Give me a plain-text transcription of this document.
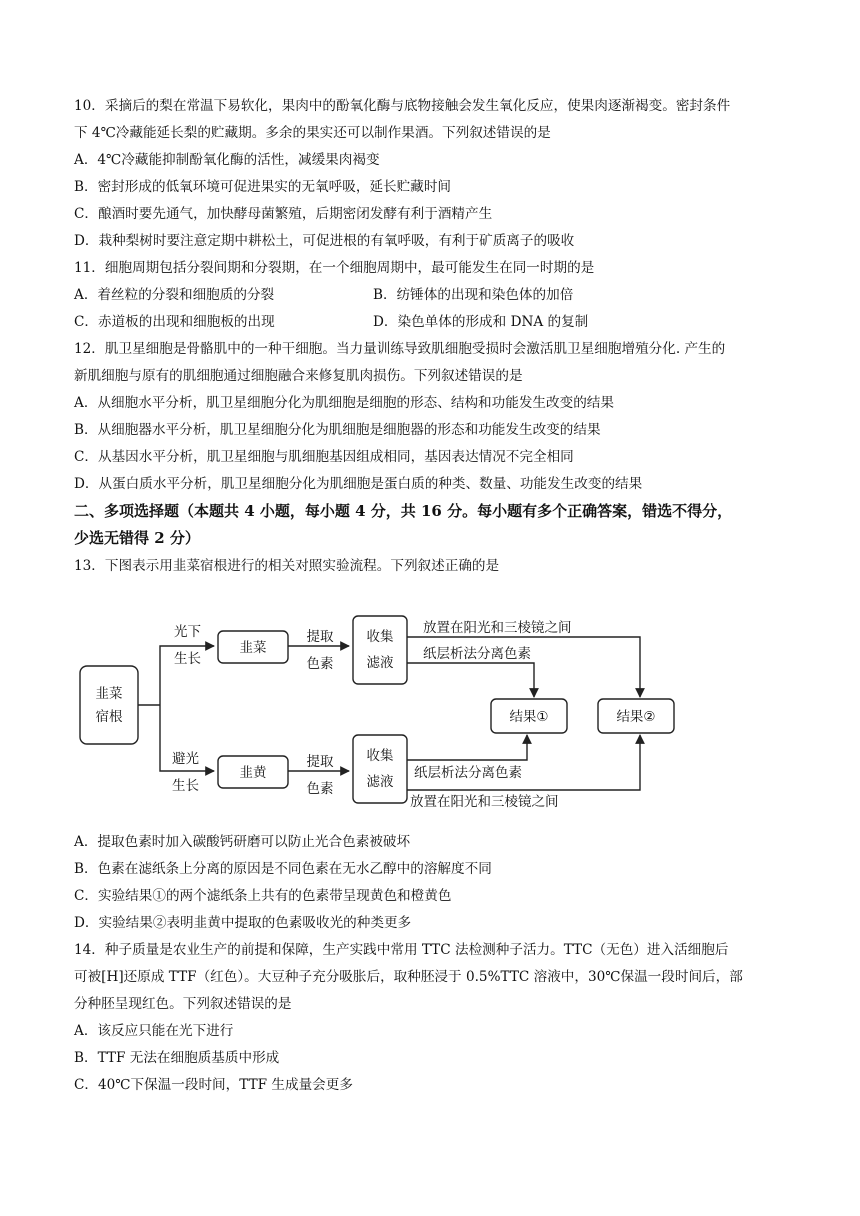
10．采摘后的梨在常温下易软化，果肉中的酚氧化酶与底物接触会发生氧化反应，使果肉逐渐褐变。密封条件
下 4℃冷藏能延长梨的贮藏期。多余的果实还可以制作果酒。下列叙述错误的是
A．4℃冷藏能抑制酚氧化酶的活性，减缓果肉褐变
B．密封形成的低氧环境可促进果实的无氧呼吸，延长贮藏时间
C．酿酒时要先通气，加快酵母菌繁殖，后期密闭发酵有利于酒精产生
D．栽种梨树时要注意定期中耕松土，可促进根的有氧呼吸，有利于矿质离子的吸收
11．细胞周期包括分裂间期和分裂期，在一个细胞周期中，最可能发生在同一时期的是
A．着丝粒的分裂和细胞质的分裂	B．纺锤体的出现和染色体的加倍
C．赤道板的出现和细胞板的出现	D．染色单体的形成和 DNA 的复制
12．肌卫星细胞是骨骼肌中的一种干细胞。当力量训练导致肌细胞受损时会激活肌卫星细胞增殖分化. 产生的
新肌细胞与原有的肌细胞通过细胞融合来修复肌肉损伤。下列叙述错误的是
A．从细胞水平分析，肌卫星细胞分化为肌细胞是细胞的形态、结构和功能发生改变的结果
B．从细胞器水平分析，肌卫星细胞分化为肌细胞是细胞器的形态和功能发生改变的结果
C．从基因水平分析，肌卫星细胞与肌细胞基因组成相同，基因表达情况不完全相同
D．从蛋白质水平分析，肌卫星细胞分化为肌细胞是蛋白质的种类、数量、功能发生改变的结果
二、多项选择题（本题共 4 小题，每小题 4 分，共 16 分。每小题有多个正确答案，错选不得分，
少选无错得 2 分）
13．下图表示用韭菜宿根进行的相关对照实验流程。下列叙述正确的是
韭菜
宿根
光下
生长
避光
生长
韭菜
韭黄
提取
色素
提取
色素
收集
滤液
收集
滤液
放置在阳光和三棱镜之间
纸层析法分离色素
纸层析法分离色素
放置在阳光和三棱镜之间
结果①	结果②
A．提取色素时加入碳酸钙研磨可以防止光合色素被破坏
B．色素在滤纸条上分离的原因是不同色素在无水乙醇中的溶解度不同
C．实验结果①的两个滤纸条上共有的色素带呈现黄色和橙黄色
D．实验结果②表明韭黄中提取的色素吸收光的种类更多
14．种子质量是农业生产的前提和保障，生产实践中常用 TTC 法检测种子活力。TTC（无色）进入活细胞后
可被[H]还原成 TTF（红色）。大豆种子充分吸胀后，取种胚浸于 0.5%TTC 溶液中，30℃保温一段时间后，部
分种胚呈现红色。下列叙述错误的是
A．该反应只能在光下进行
B．TTF 无法在细胞质基质中形成
C．40℃下保温一段时间，TTF 生成量会更多
